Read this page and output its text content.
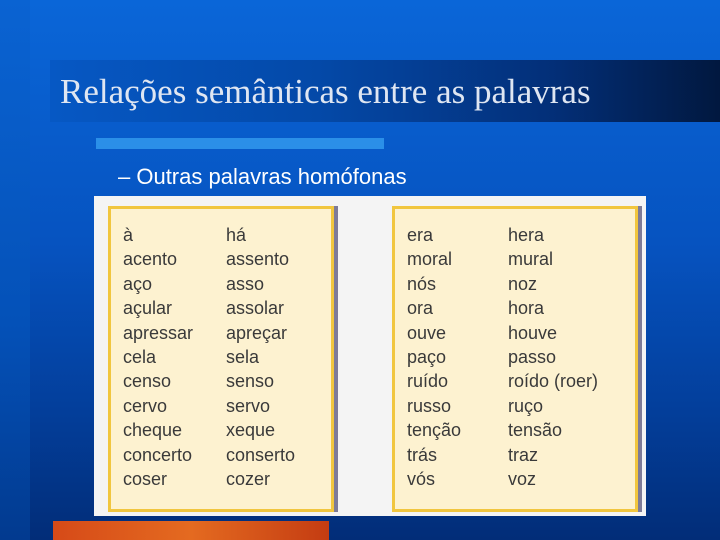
Relações semânticas entre as palavras
– Outras palavras homófonas
à
acento
aço
açular
apressar
cela
censo
cervo
cheque
concerto
coser
há
assento
asso
assolar
apreçar
sela
senso
servo
xeque
conserto
cozer
era
moral
nós
ora
ouve
paço
ruído
russo
tenção
trás
vós
hera
mural
noz
hora
houve
passo
roído (roer)
ruço
tensão
traz
voz
